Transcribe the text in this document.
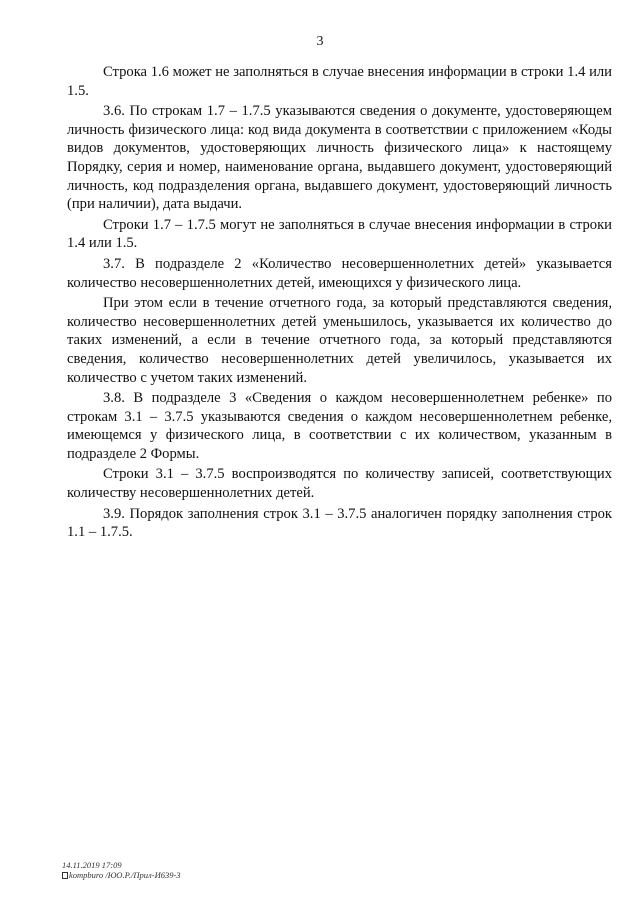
3

Строка 1.6 может не заполняться в случае внесения информации в строки 1.4 или 1.5.

3.6. По строкам 1.7 – 1.7.5 указываются сведения о документе, удостоверяющем личность физического лица: код вида документа в соответствии с приложением «Коды видов документов, удостоверяющих личность физического лица» к настоящему Порядку, серия и номер, наименование органа, выдавшего документ, удостоверяющий личность, код подразделения органа, выдавшего документ, удостоверяющий личность (при наличии), дата выдачи.

Строки 1.7 – 1.7.5 могут не заполняться в случае внесения информации в строки 1.4 или 1.5.

3.7. В подразделе 2 «Количество несовершеннолетних детей» указывается количество несовершеннолетних детей, имеющихся у физического лица.

При этом если в течение отчетного года, за который представляются сведения, количество несовершеннолетних детей уменьшилось, указывается их количество до таких изменений, а если в течение отчетного года, за который представляются сведения, количество несовершеннолетних детей увеличилось, указывается их количество с учетом таких изменений.

3.8. В подразделе 3 «Сведения о каждом несовершеннолетнем ребенке» по строкам 3.1 – 3.7.5 указываются сведения о каждом несовершеннолетнем ребенке, имеющемся у физического лица, в соответствии с их количеством, указанным в подразделе 2 Формы.

Строки 3.1 – 3.7.5 воспроизводятся по количеству записей, соответствующих количеству несовершеннолетних детей.

3.9. Порядок заполнения строк 3.1 – 3.7.5 аналогичен порядку заполнения строк 1.1 – 1.7.5.

14.11.2019 17:09
kompburo /ЮО.Р./Прил-И639-3
